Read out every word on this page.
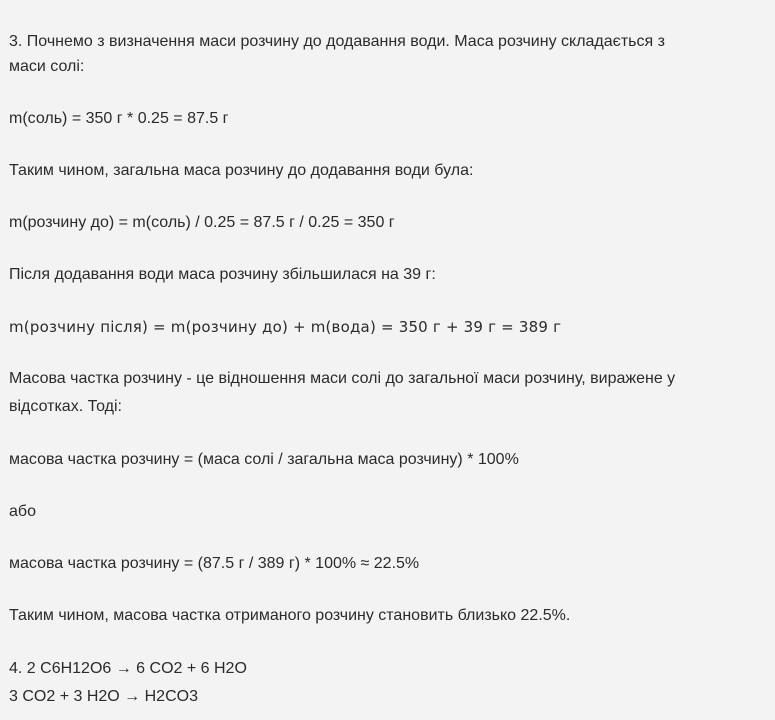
3. Почнемо з визначення маси розчину до додавання води. Маса розчину складається з
маси солі:
m(соль) = 350 г * 0.25 = 87.5 г
Таким чином, загальна маса розчину до додавання води була:
m(розчину до) = m(соль) / 0.25 = 87.5 г / 0.25 = 350 г
Після додавання води маса розчину збільшилася на 39 г:
m(розчину після) = m(розчину до) + m(вода) = 350 г + 39 г = 389 г
Масова частка розчину - це відношення маси солі до загальної маси розчину, виражене у
відсотках. Тоді:
масова частка розчину = (маса солі / загальна маса розчину) * 100%
або
масова частка розчину = (87.5 г / 389 г) * 100% ≈ 22.5%
Таким чином, масова частка отриманого розчину становить близько 22.5%.
4. 2 C6H12O6 → 6 CO2 + 6 H2O
3 CO2 + 3 H2O → H2CO3
